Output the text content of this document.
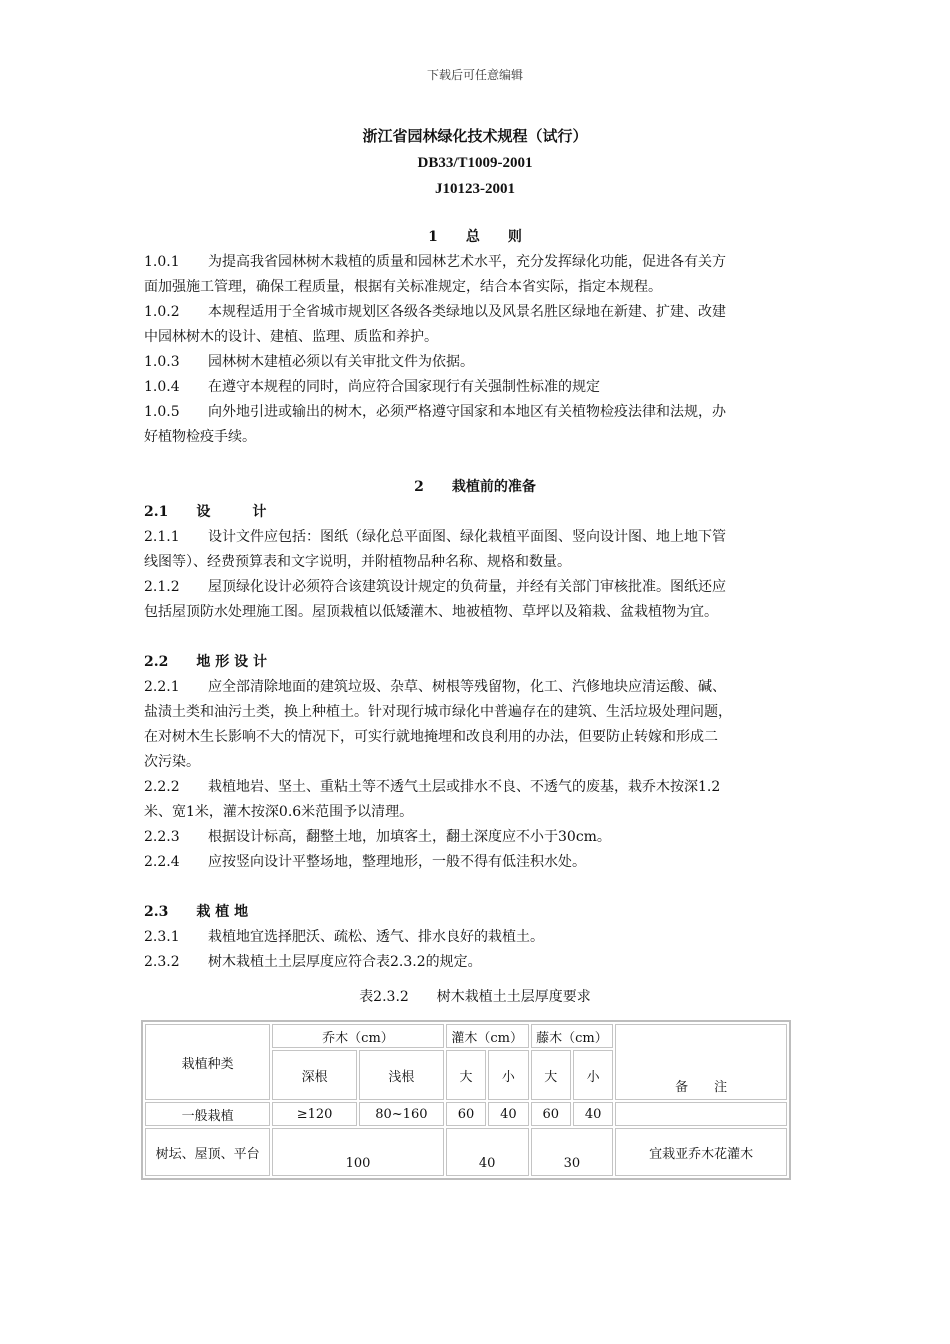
下载后可任意编辑
浙江省园林绿化技术规程（试行）
DB33/T1009-2001
J10123-2001

1　　总　　则

1.0.1 为提高我省园林树木栽植的质量和园林艺术水平，充分发挥绿化功能，促进各有关方

面加强施工管理，确保工程质量，根据有关标准规定，结合本省实际，指定本规程。

1.0.2 本规程适用于全省城市规划区各级各类绿地以及风景名胜区绿地在新建、扩建、改建

中园林树木的设计、建植、监理、质监和养护。

1.0.3 园林树木建植必须以有关审批文件为依据。

1.0.4 在遵守本规程的同时，尚应符合国家现行有关强制性标准的规定

1.0.5 向外地引进或输出的树木，必须严格遵守国家和本地区有关植物检疫法律和法规，办

好植物检疫手续。

2　　栽植前的准备

2.1　　设　　　计

2.1.1 设计文件应包括：图纸（绿化总平面图、绿化栽植平面图、竖向设计图、地上地下管

线图等）、经费预算表和文字说明，并附植物品种名称、规格和数量。

2.1.2 屋顶绿化设计必须符合该建筑设计规定的负荷量，并经有关部门审核批准。图纸还应

包括屋顶防水处理施工图。屋顶栽植以低矮灌木、地被植物、草坪以及箱栽、盆栽植物为宜。

2.2　　地 形 设 计

2.2.1 应全部清除地面的建筑垃圾、杂草、树根等残留物，化工、汽修地块应清运酸、碱、

盐渍土类和油污土类，换上种植土。针对现行城市绿化中普遍存在的建筑、生活垃圾处理问题，

在对树木生长影响不大的情况下，可实行就地掩埋和改良利用的办法，但要防止转嫁和形成二

次污染。

2.2.2 栽植地岩、坚土、重粘土等不透气土层或排水不良、不透气的废基，栽乔木按深1.2

米、宽1米，灌木按深0.6米范围予以清理。

2.2.3 根据设计标高，翻整土地，加填客土，翻土深度应不小于30cm。

2.2.4 应按竖向设计平整场地，整理地形，一般不得有低洼积水处。

2.3　　栽 植 地

2.3.1 栽植地宜选择肥沃、疏松、透气、排水良好的栽植土。

2.3.2 树木栽植土土层厚度应符合表2.3.2的规定。

表2.3.2　　树木栽植土土层厚度要求

栽植种类	乔木（cm）		灌木（cm）		藤木（cm）		备　　注
	深根	浅根	大	小	大	小	
一般栽植	≥120	80~160	60	40	60	40	
树坛、屋顶、平台	100		40		30		宜栽亚乔木花灌木
